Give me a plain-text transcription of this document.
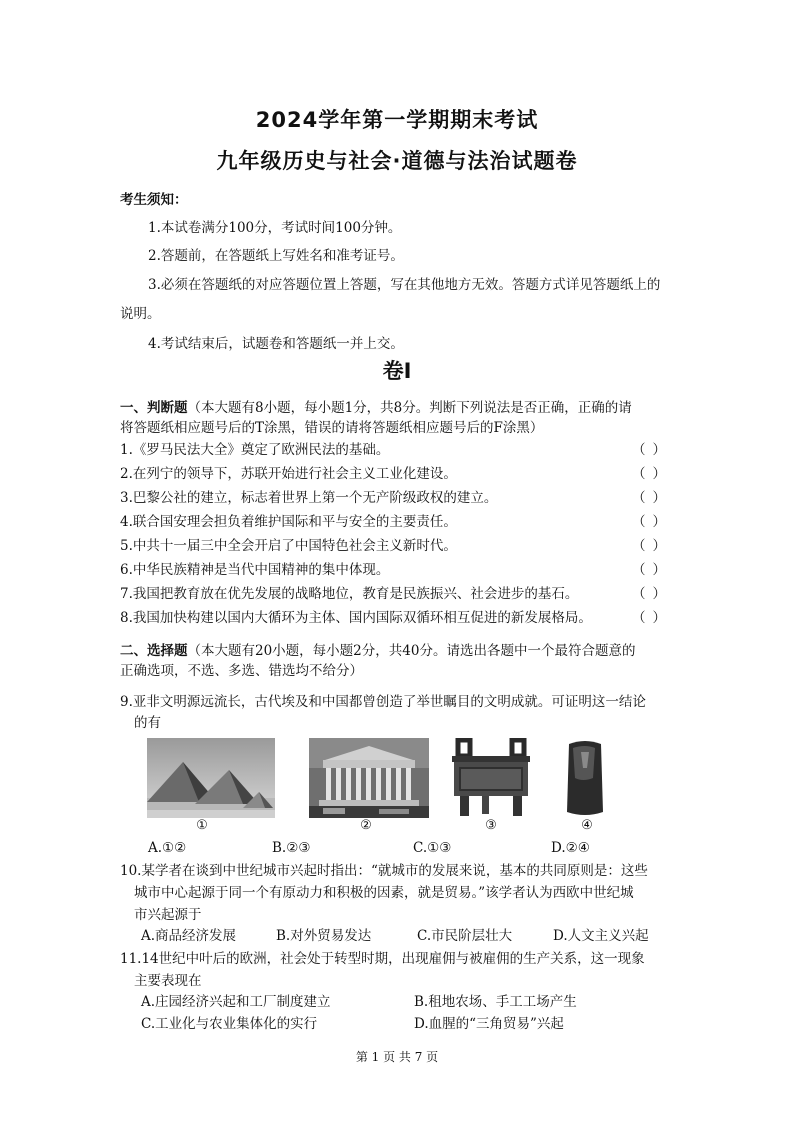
2024学年第一学期期末考试
九年级历史与社会·道德与法治试题卷
考生须知：
1.本试卷满分100分，考试时间100分钟。
2.答题前，在答题纸上写姓名和准考证号。
3.必须在答题纸的对应答题位置上答题，写在其他地方无效。答题方式详见答题纸上的
说明。
4.考试结束后，试题卷和答题纸一并上交。
卷Ⅰ
一、判断题（本大题有8小题，每小题1分，共8分。判断下列说法是否正确，正确的请
将答题纸相应题号后的T涂黑，错误的请将答题纸相应题号后的F涂黑）
1.《罗马民法大全》奠定了欧洲民法的基础。	（ ）
2.在列宁的领导下，苏联开始进行社会主义工业化建设。	（ ）
3.巴黎公社的建立，标志着世界上第一个无产阶级政权的建立。	（ ）
4.联合国安理会担负着维护国际和平与安全的主要责任。	（ ）
5.中共十一届三中全会开启了中国特色社会主义新时代。	（ ）
6.中华民族精神是当代中国精神的集中体现。	（ ）
7.我国把教育放在优先发展的战略地位，教育是民族振兴、社会进步的基石。	（ ）
8.我国加快构建以国内大循环为主体、国内国际双循环相互促进的新发展格局。	（ ）
二、选择题（本大题有20小题，每小题2分，共40分。请选出各题中一个最符合题意的
正确选项，不选、多选、错选均不给分）
9.亚非文明源远流长，古代埃及和中国都曾创造了举世瞩目的文明成就。可证明这一结论
的有
①	②	③	④
A.①②	B.②③	C.①③	D.②④
10.某学者在谈到中世纪城市兴起时指出：“就城市的发展来说，基本的共同原则是：这些
城市中心起源于同一个有原动力和积极的因素，就是贸易。”该学者认为西欧中世纪城
市兴起源于
A.商品经济发展	B.对外贸易发达	C.市民阶层壮大	D.人文主义兴起
11.14世纪中叶后的欧洲，社会处于转型时期，出现雇佣与被雇佣的生产关系，这一现象
主要表现在
A.庄园经济兴起和工厂制度建立	B.租地农场、手工工场产生
C.工业化与农业集体化的实行	D.血腥的“三角贸易”兴起
第 1 页 共 7 页
